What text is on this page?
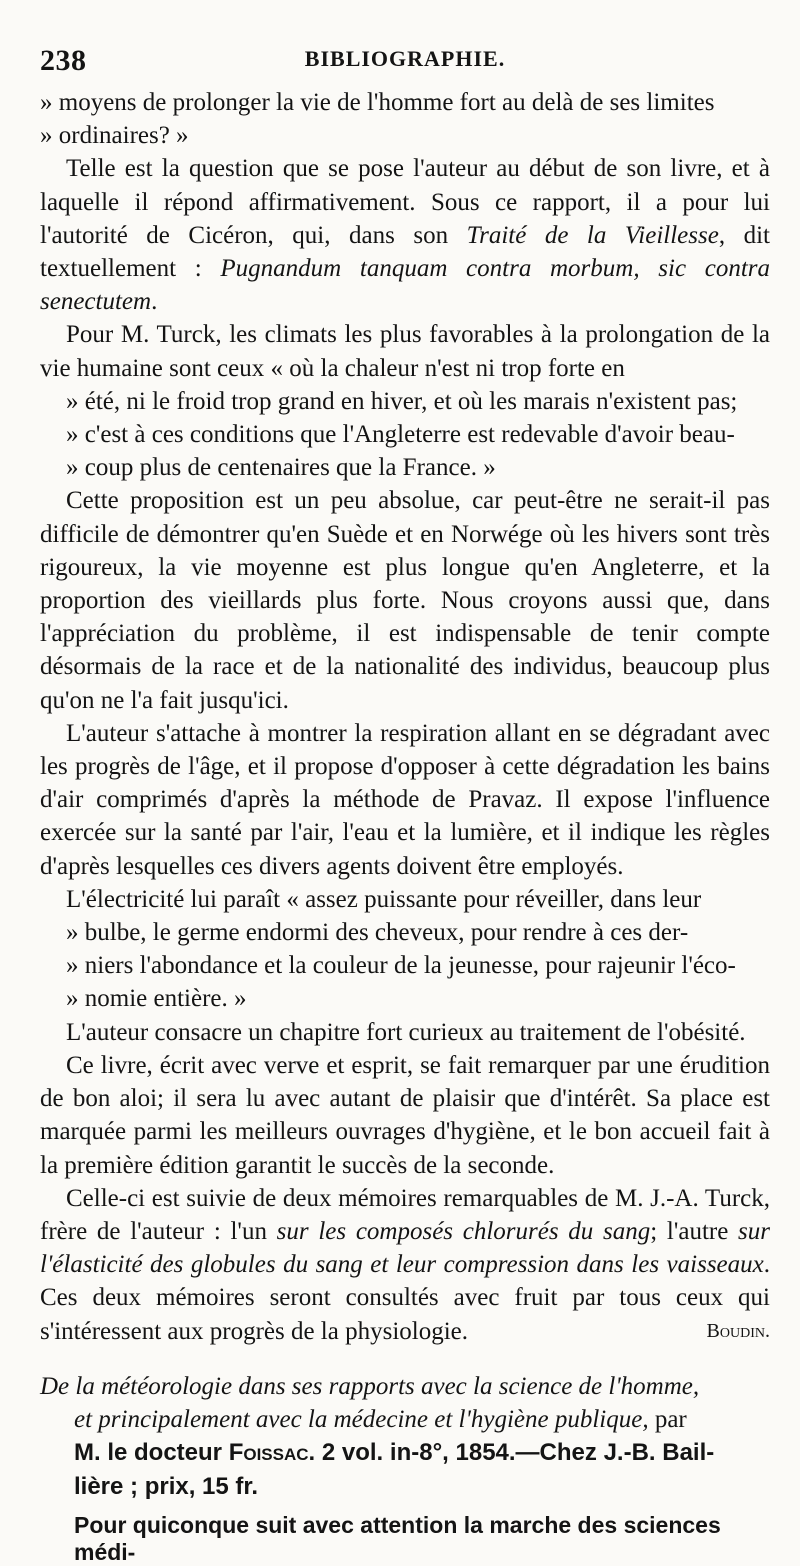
238	BIBLIOGRAPHIE.

» moyens de prolonger la vie de l'homme fort au delà de ses limites
» ordinaires? »

Telle est la question que se pose l'auteur au début de son livre, et à laquelle il répond affirmativement. Sous ce rapport, il a pour lui l'autorité de Cicéron, qui, dans son Traité de la Vieillesse, dit textuellement : Pugnandum tanquam contra morbum, sic contra senectutem.

Pour M. Turck, les climats les plus favorables à la prolongation de la vie humaine sont ceux « où la chaleur n'est ni trop forte en
» été, ni le froid trop grand en hiver, et où les marais n'existent pas;
» c'est à ces conditions que l'Angleterre est redevable d'avoir beau-
» coup plus de centenaires que la France. »

Cette proposition est un peu absolue, car peut-être ne serait-il pas difficile de démontrer qu'en Suède et en Norwége où les hivers sont très rigoureux, la vie moyenne est plus longue qu'en Angleterre, et la proportion des vieillards plus forte. Nous croyons aussi que, dans l'appréciation du problème, il est indispensable de tenir compte désormais de la race et de la nationalité des individus, beaucoup plus qu'on ne l'a fait jusqu'ici.

L'auteur s'attache à montrer la respiration allant en se dégradant avec les progrès de l'âge, et il propose d'opposer à cette dégradation les bains d'air comprimés d'après la méthode de Pravaz. Il expose l'influence exercée sur la santé par l'air, l'eau et la lumière, et il indique les règles d'après lesquelles ces divers agents doivent être employés.

L'électricité lui paraît « assez puissante pour réveiller, dans leur
» bulbe, le germe endormi des cheveux, pour rendre à ces der-
» niers l'abondance et la couleur de la jeunesse, pour rajeunir l'éco-
» nomie entière. »

L'auteur consacre un chapitre fort curieux au traitement de l'obésité.

Ce livre, écrit avec verve et esprit, se fait remarquer par une érudition de bon aloi; il sera lu avec autant de plaisir que d'intérêt. Sa place est marquée parmi les meilleurs ouvrages d'hygiène, et le bon accueil fait à la première édition garantit le succès de la seconde.

Celle-ci est suivie de deux mémoires remarquables de M. J.-A. Turck, frère de l'auteur : l'un sur les composés chlorurés du sang; l'autre sur l'élasticité des globules du sang et leur compression dans les vaisseaux. Ces deux mémoires seront consultés avec fruit par tous ceux qui s'intéressent aux progrès de la physiologie.	Boudin.

De la météorologie dans ses rapports avec la science de l'homme,
et principalement avec la médecine et l'hygiène publique, par
M. le docteur Foissac. 2 vol. in-8°, 1854.—Chez J.-B. Bail-
lière ; prix, 15 fr.
Pour quiconque suit avec attention la marche des sciences médi-
